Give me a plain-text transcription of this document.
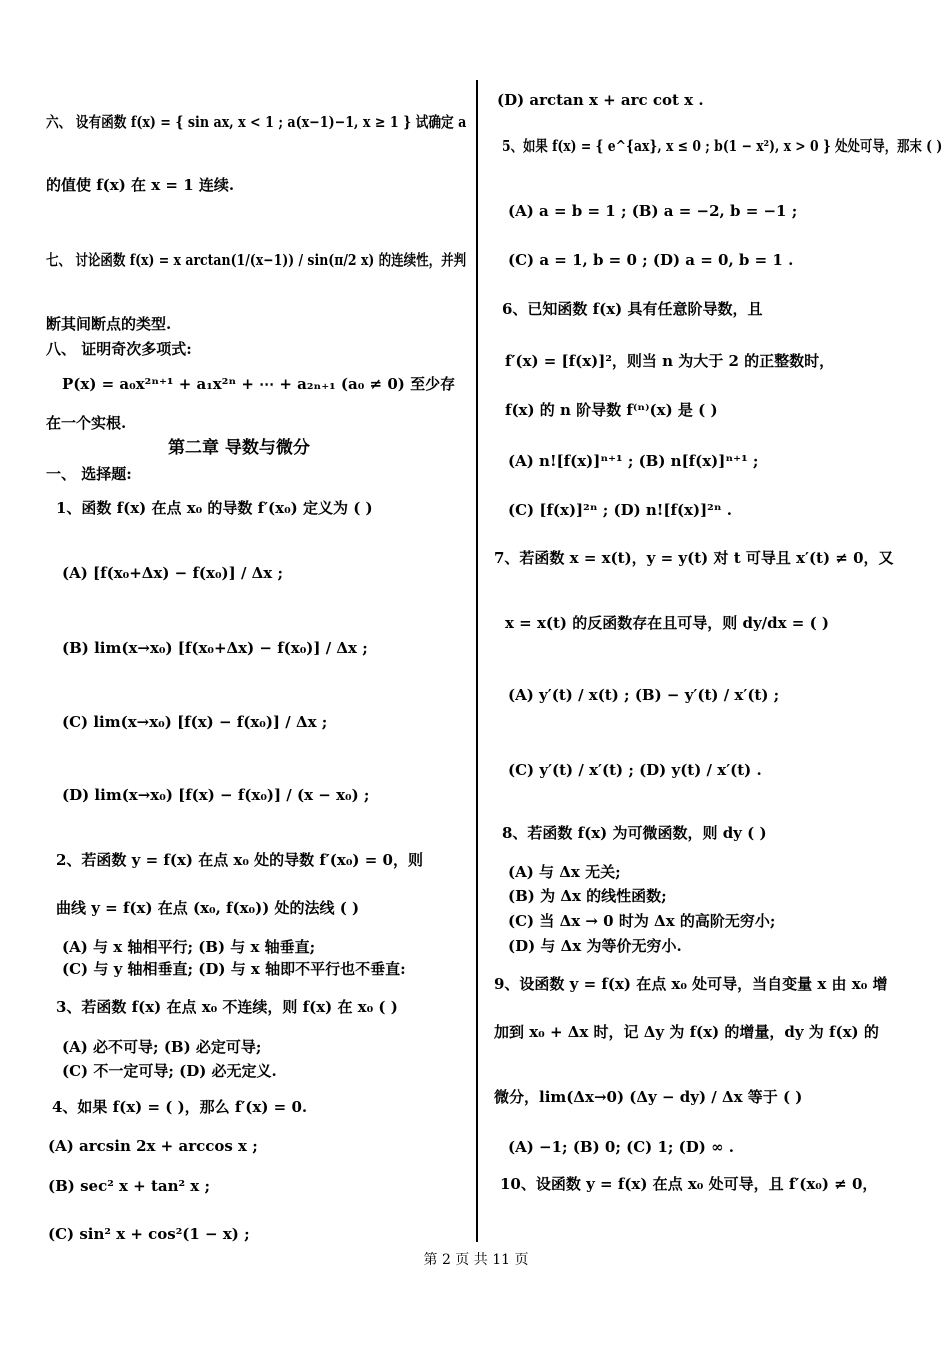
六、 设有函数 f(x) = { sin ax, x < 1 ; a(x−1)−1, x ≥ 1 } 试确定 a
的值使 f(x) 在 x = 1 连续.
七、 讨论函数 f(x) = x arctan(1/(x−1)) / sin(π/2 x) 的连续性，并判
断其间断点的类型.
八、 证明奇次多项式:
P(x) = a₀x²ⁿ⁺¹ + a₁x²ⁿ + ⋯ + a₂ₙ₊₁ (a₀ ≠ 0) 至少存
在一个实根.
第二章 导数与微分
一、 选择题:
1、函数 f(x) 在点 x₀ 的导数 f′(x₀) 定义为 ( )
(A) [f(x₀+Δx) − f(x₀)] / Δx ;
(B) lim(x→x₀) [f(x₀+Δx) − f(x₀)] / Δx ;
(C) lim(x→x₀) [f(x) − f(x₀)] / Δx ;
(D) lim(x→x₀) [f(x) − f(x₀)] / (x − x₀) ;
2、若函数 y = f(x) 在点 x₀ 处的导数 f′(x₀) = 0，则
曲线 y = f(x) 在点 (x₀, f(x₀)) 处的法线 ( )
(A) 与 x 轴相平行; (B) 与 x 轴垂直;
(C) 与 y 轴相垂直; (D) 与 x 轴即不平行也不垂直:
3、若函数 f(x) 在点 x₀ 不连续，则 f(x) 在 x₀ ( )
(A) 必不可导; (B) 必定可导;
(C) 不一定可导; (D) 必无定义.
4、如果 f(x) = ( )，那么 f′(x) = 0.
(A) arcsin 2x + arccos x ;
(B) sec² x + tan² x ;
(C) sin² x + cos²(1 − x) ;
(D) arctan x + arc cot x .
5、如果 f(x) = { e^{ax}, x ≤ 0 ; b(1 − x²), x > 0 } 处处可导，那末 ( )
(A) a = b = 1 ; (B) a = −2, b = −1 ;
(C) a = 1, b = 0 ; (D) a = 0, b = 1 .
6、已知函数 f(x) 具有任意阶导数，且
f′(x) = [f(x)]²，则当 n 为大于 2 的正整数时，
f(x) 的 n 阶导数 f⁽ⁿ⁾(x) 是 ( )
(A) n![f(x)]ⁿ⁺¹ ; (B) n[f(x)]ⁿ⁺¹ ;
(C) [f(x)]²ⁿ ; (D) n![f(x)]²ⁿ .
7、若函数 x = x(t)，y = y(t) 对 t 可导且 x′(t) ≠ 0，又
x = x(t) 的反函数存在且可导，则 dy/dx = ( )
(A) y′(t) / x(t) ; (B) − y′(t) / x′(t) ;
(C) y′(t) / x′(t) ; (D) y(t) / x′(t) .
8、若函数 f(x) 为可微函数，则 dy ( )
(A) 与 Δx 无关;
(B) 为 Δx 的线性函数;
(C) 当 Δx → 0 时为 Δx 的高阶无穷小;
(D) 与 Δx 为等价无穷小.
9、设函数 y = f(x) 在点 x₀ 处可导，当自变量 x 由 x₀ 增
加到 x₀ + Δx 时，记 Δy 为 f(x) 的增量，dy 为 f(x) 的
微分，lim(Δx→0) (Δy − dy) / Δx 等于 ( )
(A) −1; (B) 0; (C) 1; (D) ∞ .
10、设函数 y = f(x) 在点 x₀ 处可导，且 f′(x₀) ≠ 0，
第 2 页 共 11 页
